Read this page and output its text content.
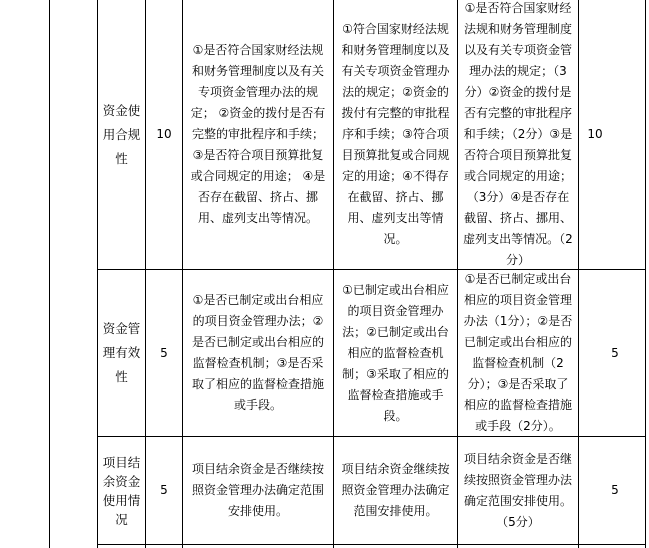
资金使用合规性
10
①是否符合国家财经法规和财务管理制度以及有关专项资金管理办法的规定； ②资金的拨付是否有完整的审批程序和手续；③是否符合项目预算批复或合同规定的用途； ④是否存在截留、挤占、挪用、虚列支出等情况。
①符合国家财经法规和财务管理制度以及有关专项资金管理办法的规定；②资金的拨付有完整的审批程序和手续；③符合项目预算批复或合同规定的用途；④不得存在截留、挤占、挪用、虚列支出等情况。
①是否符合国家财经法规和财务管理制度以及有关专项资金管理办法的规定；（3分）②资金的拨付是否有完整的审批程序和手续；（2分）③是否符合项目预算批复或合同规定的用途；（3分）④是否存在截留、挤占、挪用、虚列支出等情况。（2分）
10
资金管理有效性
5
①是否已制定或出台相应的项目资金管理办法；②是否已制定或出台相应的监督检查机制；③是否采取了相应的监督检查措施或手段。
①已制定或出台相应的项目资金管理办法；②已制定或出台相应的监督检查机制；③采取了相应的监督检查措施或手段。
①是否已制定或出台相应的项目资金管理办法（1分）；②是否已制定或出台相应的监督检查机制（2分）；③是否采取了相应的监督检查措施或手段（2分）。
5
项目结余资金使用情况
5
项目结余资金是否继续按照资金管理办法确定范围安排使用。
项目结余资金继续按照资金管理办法确定范围安排使用。
项目结余资金是否继续按照资金管理办法确定范围安排使用。（5分）
5
